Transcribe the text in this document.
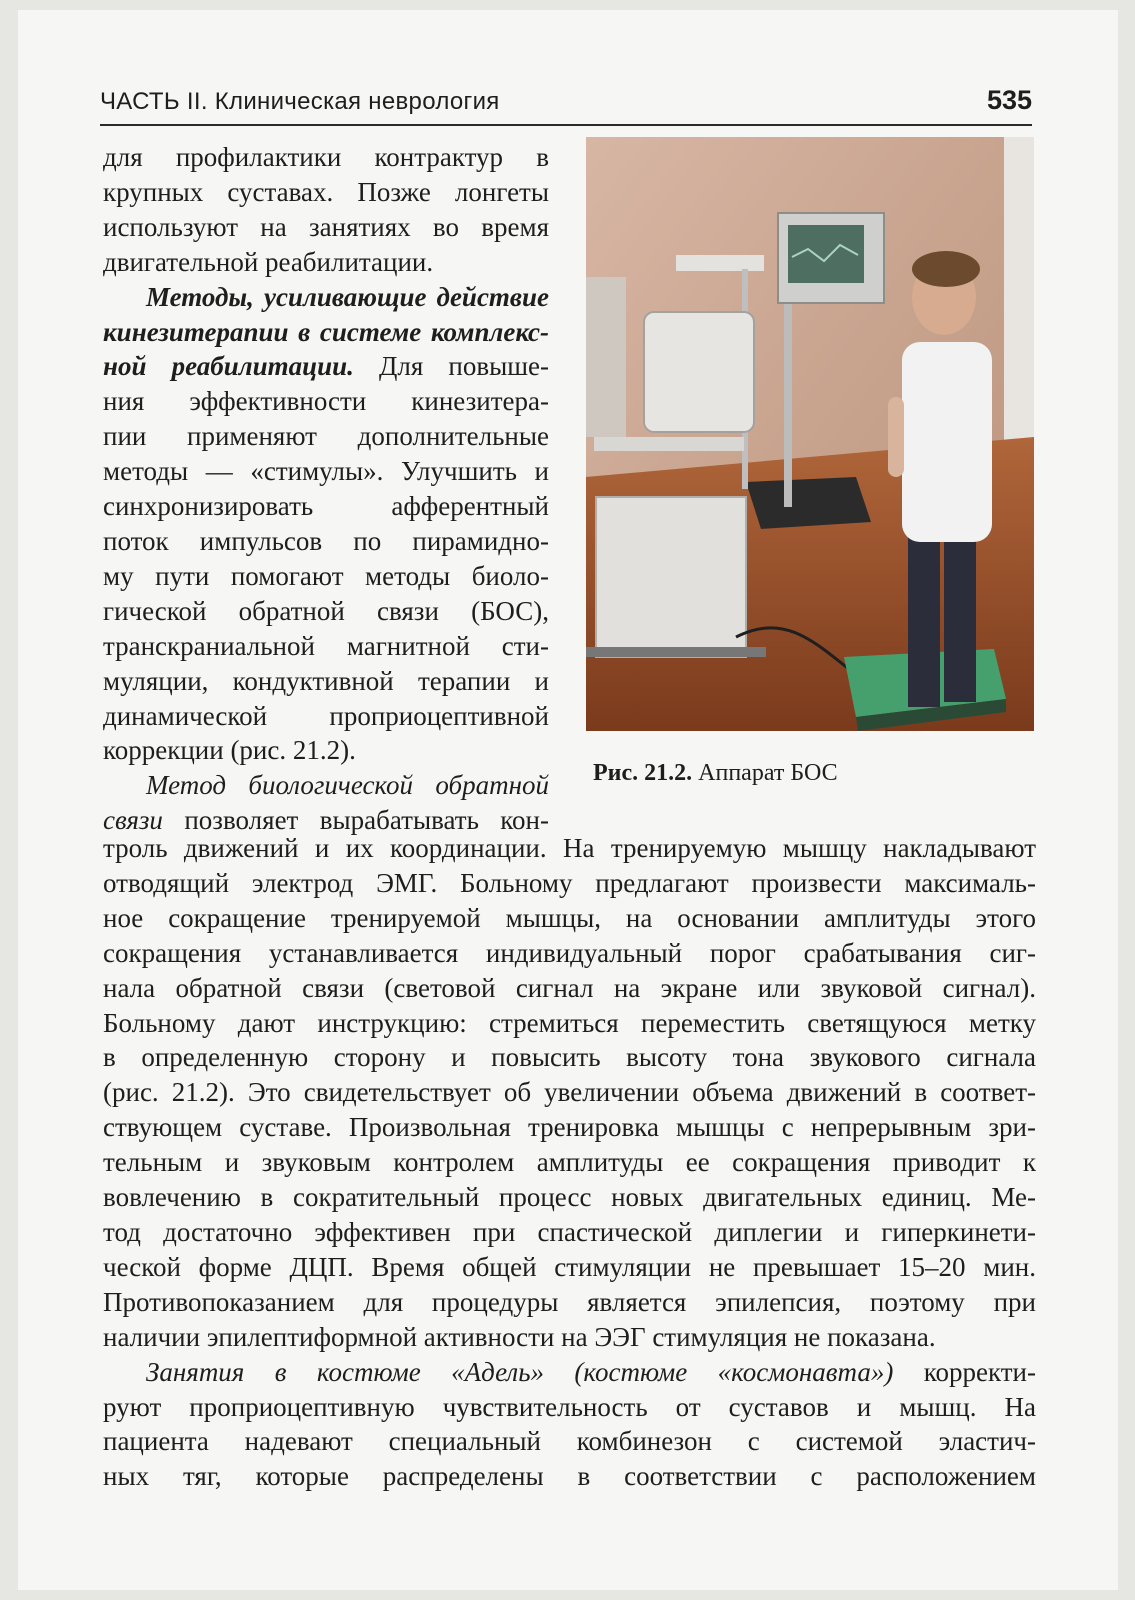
ЧАСТЬ II. Клиническая неврология	535
для профилактики контрактур в
крупных суставах. Позже лонгеты
используют на занятиях во время
двигательной реабилитации.
Методы, усиливающие действие
кинезитерапии в системе комплекс-
ной реабилитации. Для повыше-
ния эффективности кинезитера-
пии применяют дополнительные
методы — «стимулы». Улучшить и
синхронизировать афферентный
поток импульсов по пирамидно-
му пути помогают методы биоло-
гической обратной связи (БОС),
транскраниальной магнитной сти-
муляции, кондуктивной терапии и
динамической проприоцептивной
коррекции (рис. 21.2).
Метод биологической обратной
связи позволяет вырабатывать кон-
Рис. 21.2. Аппарат БОС
троль движений и их координации. На тренируемую мышцу накладывают
отводящий электрод ЭМГ. Больному предлагают произвести максималь-
ное сокращение тренируемой мышцы, на основании амплитуды этого
сокращения устанавливается индивидуальный порог срабатывания сиг-
нала обратной связи (световой сигнал на экране или звуковой сигнал).
Больному дают инструкцию: стремиться переместить светящуюся метку
в определенную сторону и повысить высоту тона звукового сигнала
(рис. 21.2). Это свидетельствует об увеличении объема движений в соответ-
ствующем суставе. Произвольная тренировка мышцы с непрерывным зри-
тельным и звуковым контролем амплитуды ее сокращения приводит к
вовлечению в сократительный процесс новых двигательных единиц. Ме-
тод достаточно эффективен при спастической диплегии и гиперкинети-
ческой форме ДЦП. Время общей стимуляции не превышает 15–20 мин.
Противопоказанием для процедуры является эпилепсия, поэтому при
наличии эпилептиформной активности на ЭЭГ стимуляция не показана.
Занятия в костюме «Адель» (костюме «космонавта») корректи-
руют проприоцептивную чувствительность от суставов и мышц. На
пациента надевают специальный комбинезон с системой эластич-
ных тяг, которые распределены в соответствии с расположением
